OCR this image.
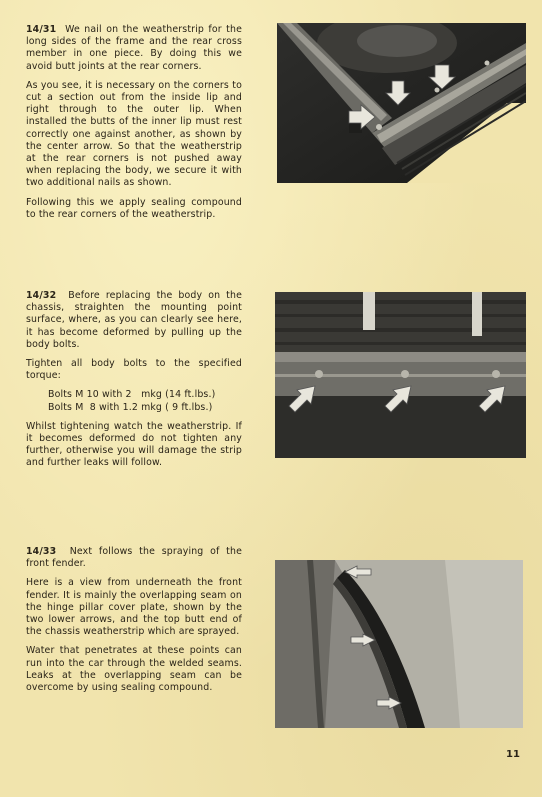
14/31 We nail on the weatherstrip for the long sides of the frame and the rear cross member in one piece. By doing this we avoid butt joints at the rear corners.

As you see, it is necessary on the corners to cut a section out from the inside lip and right through to the outer lip. When installed the butts of the inner lip must rest correctly one against another, as shown by the center arrow. So that the weatherstrip at the rear corners is not pushed away when replacing the body, we secure it with two additional nails as shown.

Following this we apply sealing compound to the rear corners of the weatherstrip.

14/32 Before replacing the body on the chassis, straighten the mounting point surface, where, as you can clearly see here, it has become deformed by pulling up the body bolts.

Tighten all body bolts to the specified torque:

Bolts M 10 with 2   mkg (14 ft.lbs.)

Bolts M  8 with 1.2 mkg ( 9 ft.lbs.)

Whilst tightening watch the weatherstrip. If it becomes deformed do not tighten any further, otherwise you will damage the strip and further leaks will follow.

14/33 Next follows the spraying of the front fender.

Here is a view from underneath the front fender. It is mainly the overlapping seam on the hinge pillar cover plate, shown by the two lower arrows, and the top butt end of the chassis weatherstrip which are sprayed.

Water that penetrates at these points can run into the car through the welded seams. Leaks at the overlapping seam can be overcome by using sealing compound.

11
